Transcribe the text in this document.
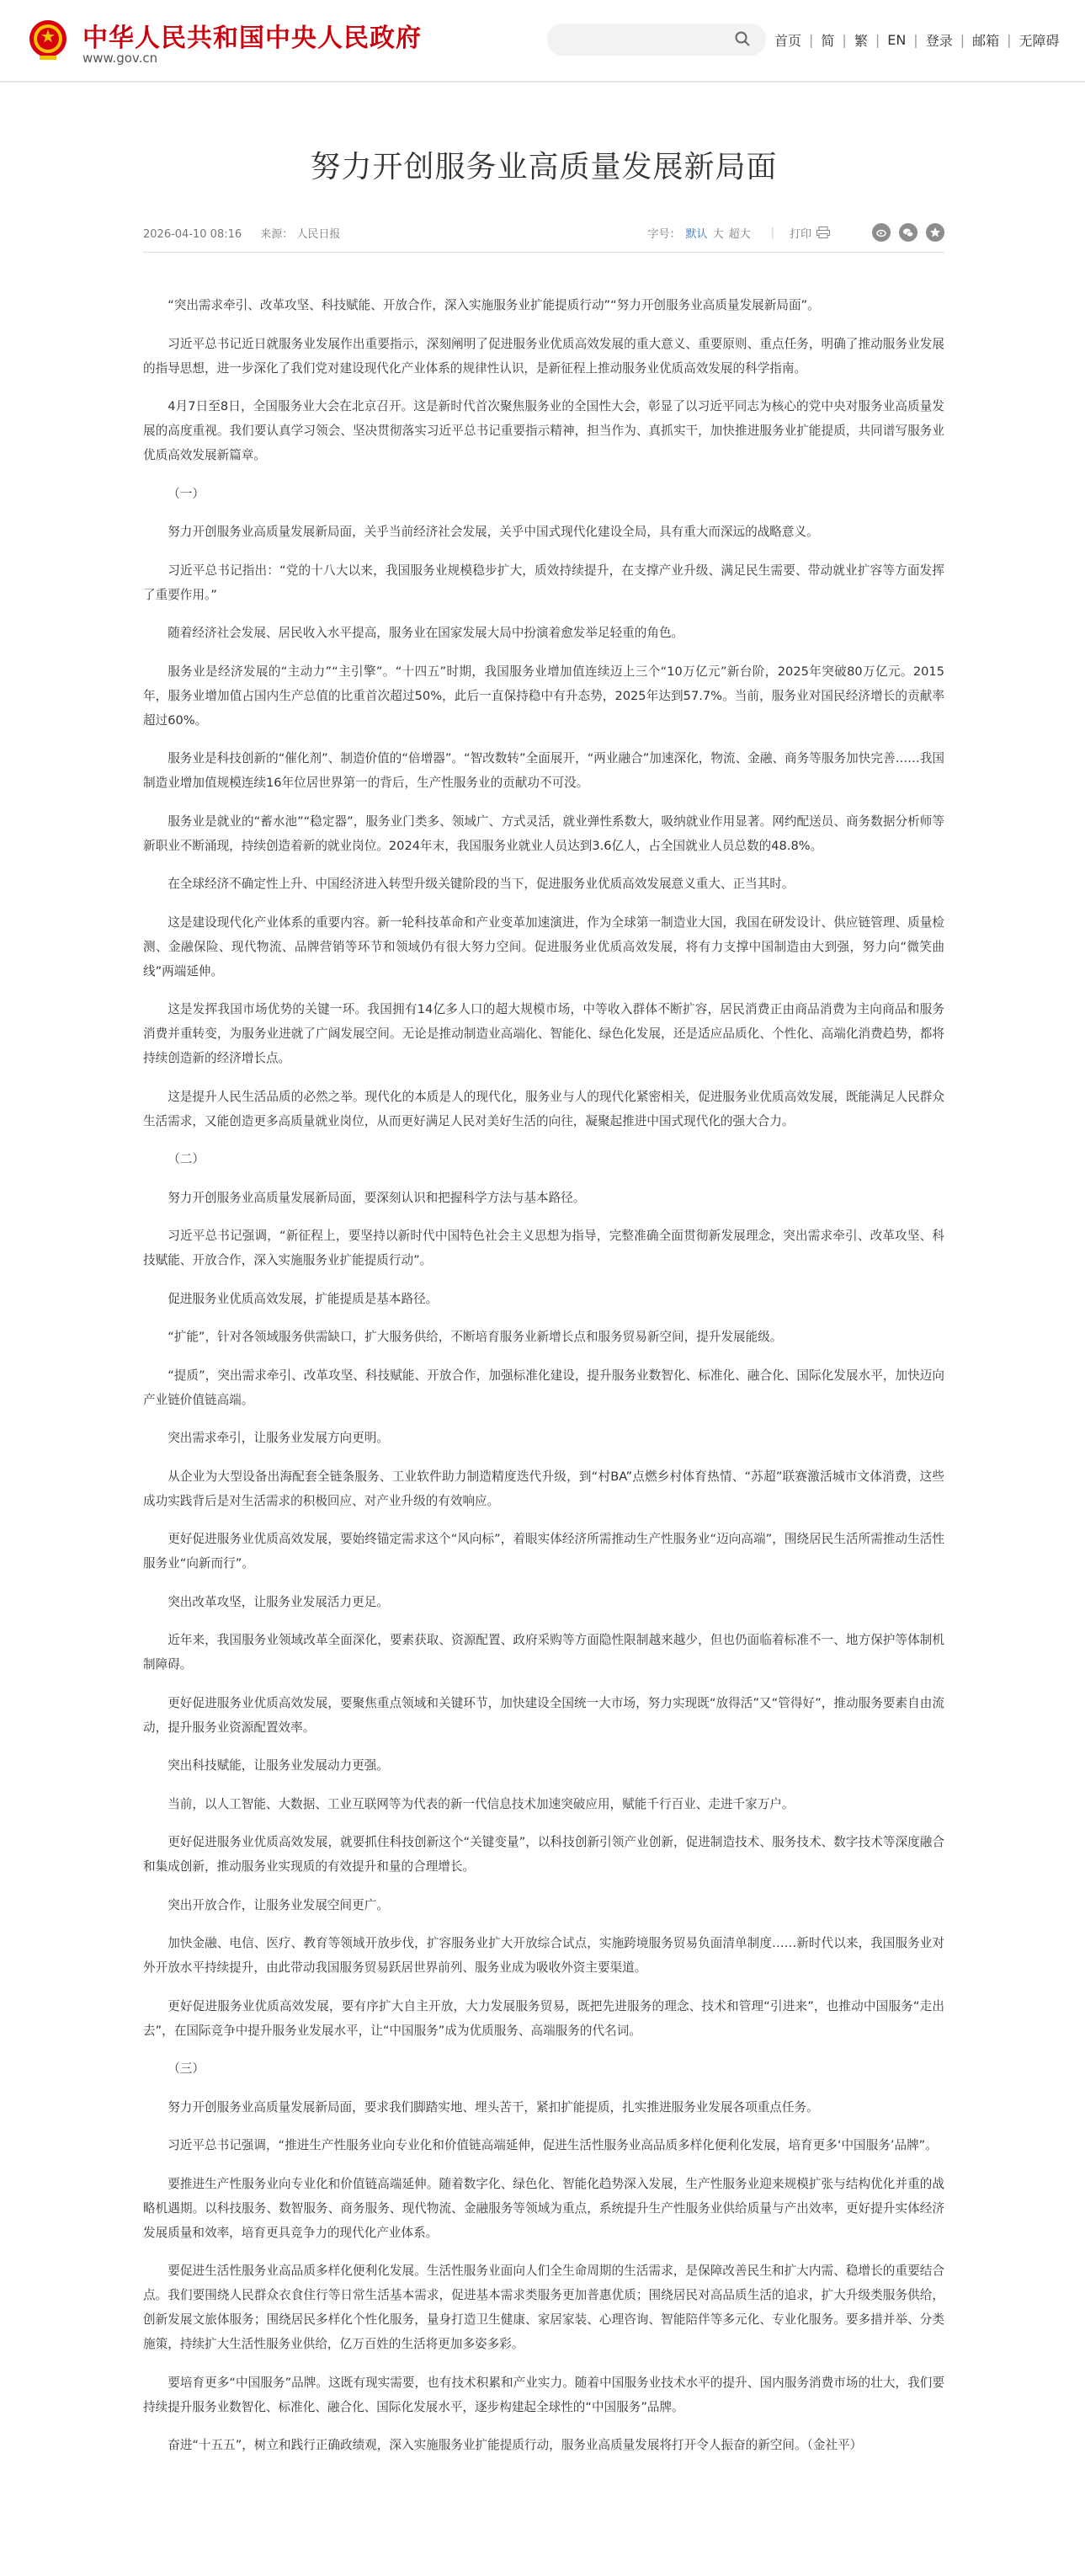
中华人民共和国中央人民政府
www.gov.cn
首页 | 简 | 繁 | EN | 登录 | 邮箱 | 无障碍
努力开创服务业高质量发展新局面
2026-04-10 08:16 来源： 人民日报	字号： 默认 大 超大 | 打印

“突出需求牵引、改革攻坚、科技赋能、开放合作，深入实施服务业扩能提质行动”“努力开创服务业高质量发展新局面”。

习近平总书记近日就服务业发展作出重要指示，深刻阐明了促进服务业优质高效发展的重大意义、重要原则、重点任务，明确了推动服务业发展的指导思想，进一步深化了我们党对建设现代化产业体系的规律性认识，是新征程上推动服务业优质高效发展的科学指南。

4月7日至8日，全国服务业大会在北京召开。这是新时代首次聚焦服务业的全国性大会，彰显了以习近平同志为核心的党中央对服务业高质量发展的高度重视。我们要认真学习领会、坚决贯彻落实习近平总书记重要指示精神，担当作为、真抓实干，加快推进服务业扩能提质，共同谱写服务业优质高效发展新篇章。

（一）

努力开创服务业高质量发展新局面，关乎当前经济社会发展，关乎中国式现代化建设全局，具有重大而深远的战略意义。

习近平总书记指出：“党的十八大以来，我国服务业规模稳步扩大，质效持续提升，在支撑产业升级、满足民生需要、带动就业扩容等方面发挥了重要作用。”

随着经济社会发展、居民收入水平提高，服务业在国家发展大局中扮演着愈发举足轻重的角色。

服务业是经济发展的“主动力”“主引擎”。“十四五”时期，我国服务业增加值连续迈上三个“10万亿元”新台阶，2025年突破80万亿元。2015年，服务业增加值占国内生产总值的比重首次超过50%，此后一直保持稳中有升态势，2025年达到57.7%。当前，服务业对国民经济增长的贡献率超过60%。

服务业是科技创新的“催化剂”、制造价值的“倍增器”。“智改数转”全面展开，“两业融合”加速深化，物流、金融、商务等服务加快完善……我国制造业增加值规模连续16年位居世界第一的背后，生产性服务业的贡献功不可没。

服务业是就业的“蓄水池”“稳定器”，服务业门类多、领域广、方式灵活，就业弹性系数大，吸纳就业作用显著。网约配送员、商务数据分析师等新职业不断涌现，持续创造着新的就业岗位。2024年末，我国服务业就业人员达到3.6亿人，占全国就业人员总数的48.8%。

在全球经济不确定性上升、中国经济进入转型升级关键阶段的当下，促进服务业优质高效发展意义重大、正当其时。

这是建设现代化产业体系的重要内容。新一轮科技革命和产业变革加速演进，作为全球第一制造业大国，我国在研发设计、供应链管理、质量检测、金融保险、现代物流、品牌营销等环节和领域仍有很大努力空间。促进服务业优质高效发展，将有力支撑中国制造由大到强，努力向“微笑曲线”两端延伸。

这是发挥我国市场优势的关键一环。我国拥有14亿多人口的超大规模市场，中等收入群体不断扩容，居民消费正由商品消费为主向商品和服务消费并重转变，为服务业进就了广阔发展空间。无论是推动制造业高端化、智能化、绿色化发展，还是适应品质化、个性化、高端化消费趋势，都将持续创造新的经济增长点。

这是提升人民生活品质的必然之举。现代化的本质是人的现代化，服务业与人的现代化紧密相关，促进服务业优质高效发展，既能满足人民群众生活需求，又能创造更多高质量就业岗位，从而更好满足人民对美好生活的向往，凝聚起推进中国式现代化的强大合力。

（二）

努力开创服务业高质量发展新局面，要深刻认识和把握科学方法与基本路径。

习近平总书记强调，“新征程上，要坚持以新时代中国特色社会主义思想为指导，完整准确全面贯彻新发展理念，突出需求牵引、改革攻坚、科技赋能、开放合作，深入实施服务业扩能提质行动”。

促进服务业优质高效发展，扩能提质是基本路径。

“扩能”，针对各领域服务供需缺口，扩大服务供给，不断培育服务业新增长点和服务贸易新空间，提升发展能级。

“提质”，突出需求牵引、改革攻坚、科技赋能、开放合作，加强标准化建设，提升服务业数智化、标准化、融合化、国际化发展水平，加快迈向产业链价值链高端。

突出需求牵引，让服务业发展方向更明。

从企业为大型设备出海配套全链条服务、工业软件助力制造精度迭代升级，到“村BA”点燃乡村体育热情、“苏超”联赛激活城市文体消费，这些成功实践背后是对生活需求的积极回应、对产业升级的有效响应。

更好促进服务业优质高效发展，要始终锚定需求这个“风向标”，着眼实体经济所需推动生产性服务业“迈向高端”，围绕居民生活所需推动生活性服务业“向新而行”。

突出改革攻坚，让服务业发展活力更足。

近年来，我国服务业领域改革全面深化，要素获取、资源配置、政府采购等方面隐性限制越来越少，但也仍面临着标准不一、地方保护等体制机制障碍。

更好促进服务业优质高效发展，要聚焦重点领域和关键环节，加快建设全国统一大市场，努力实现既“放得活”又“管得好”，推动服务要素自由流动，提升服务业资源配置效率。

突出科技赋能，让服务业发展动力更强。

当前，以人工智能、大数据、工业互联网等为代表的新一代信息技术加速突破应用，赋能千行百业、走进千家万户。

更好促进服务业优质高效发展，就要抓住科技创新这个“关键变量”，以科技创新引领产业创新，促进制造技术、服务技术、数字技术等深度融合和集成创新，推动服务业实现质的有效提升和量的合理增长。

突出开放合作，让服务业发展空间更广。

加快金融、电信、医疗、教育等领域开放步伐，扩容服务业扩大开放综合试点，实施跨境服务贸易负面清单制度……新时代以来，我国服务业对外开放水平持续提升，由此带动我国服务贸易跃居世界前列、服务业成为吸收外资主要渠道。

更好促进服务业优质高效发展，要有序扩大自主开放，大力发展服务贸易，既把先进服务的理念、技术和管理“引进来”，也推动中国服务“走出去”，在国际竞争中提升服务业发展水平，让“中国服务”成为优质服务、高端服务的代名词。

（三）

努力开创服务业高质量发展新局面，要求我们脚踏实地、埋头苦干，紧扣扩能提质，扎实推进服务业发展各项重点任务。

习近平总书记强调，“推进生产性服务业向专业化和价值链高端延伸，促进生活性服务业高品质多样化便利化发展，培育更多‘中国服务’品牌”。

要推进生产性服务业向专业化和价值链高端延伸。随着数字化、绿色化、智能化趋势深入发展，生产性服务业迎来规模扩张与结构优化并重的战略机遇期。以科技服务、数智服务、商务服务、现代物流、金融服务等领域为重点，系统提升生产性服务业供给质量与产出效率，更好提升实体经济发展质量和效率，培育更具竞争力的现代化产业体系。

要促进生活性服务业高品质多样化便利化发展。生活性服务业面向人们全生命周期的生活需求，是保障改善民生和扩大内需、稳增长的重要结合点。我们要围绕人民群众衣食住行等日常生活基本需求，促进基本需求类服务更加普惠优质；围绕居民对高品质生活的追求，扩大升级类服务供给，创新发展文旅体服务；围绕居民多样化个性化服务，量身打造卫生健康、家居家装、心理咨询、智能陪伴等多元化、专业化服务。要多措并举、分类施策，持续扩大生活性服务业供给，亿万百姓的生活将更加多姿多彩。

要培育更多“中国服务”品牌。这既有现实需要，也有技术积累和产业实力。随着中国服务业技术水平的提升、国内服务消费市场的壮大，我们要持续提升服务业数智化、标准化、融合化、国际化发展水平，逐步构建起全球性的“中国服务”品牌。

奋进“十五五”，树立和践行正确政绩观，深入实施服务业扩能提质行动，服务业高质量发展将打开令人振奋的新空间。（金社平）
